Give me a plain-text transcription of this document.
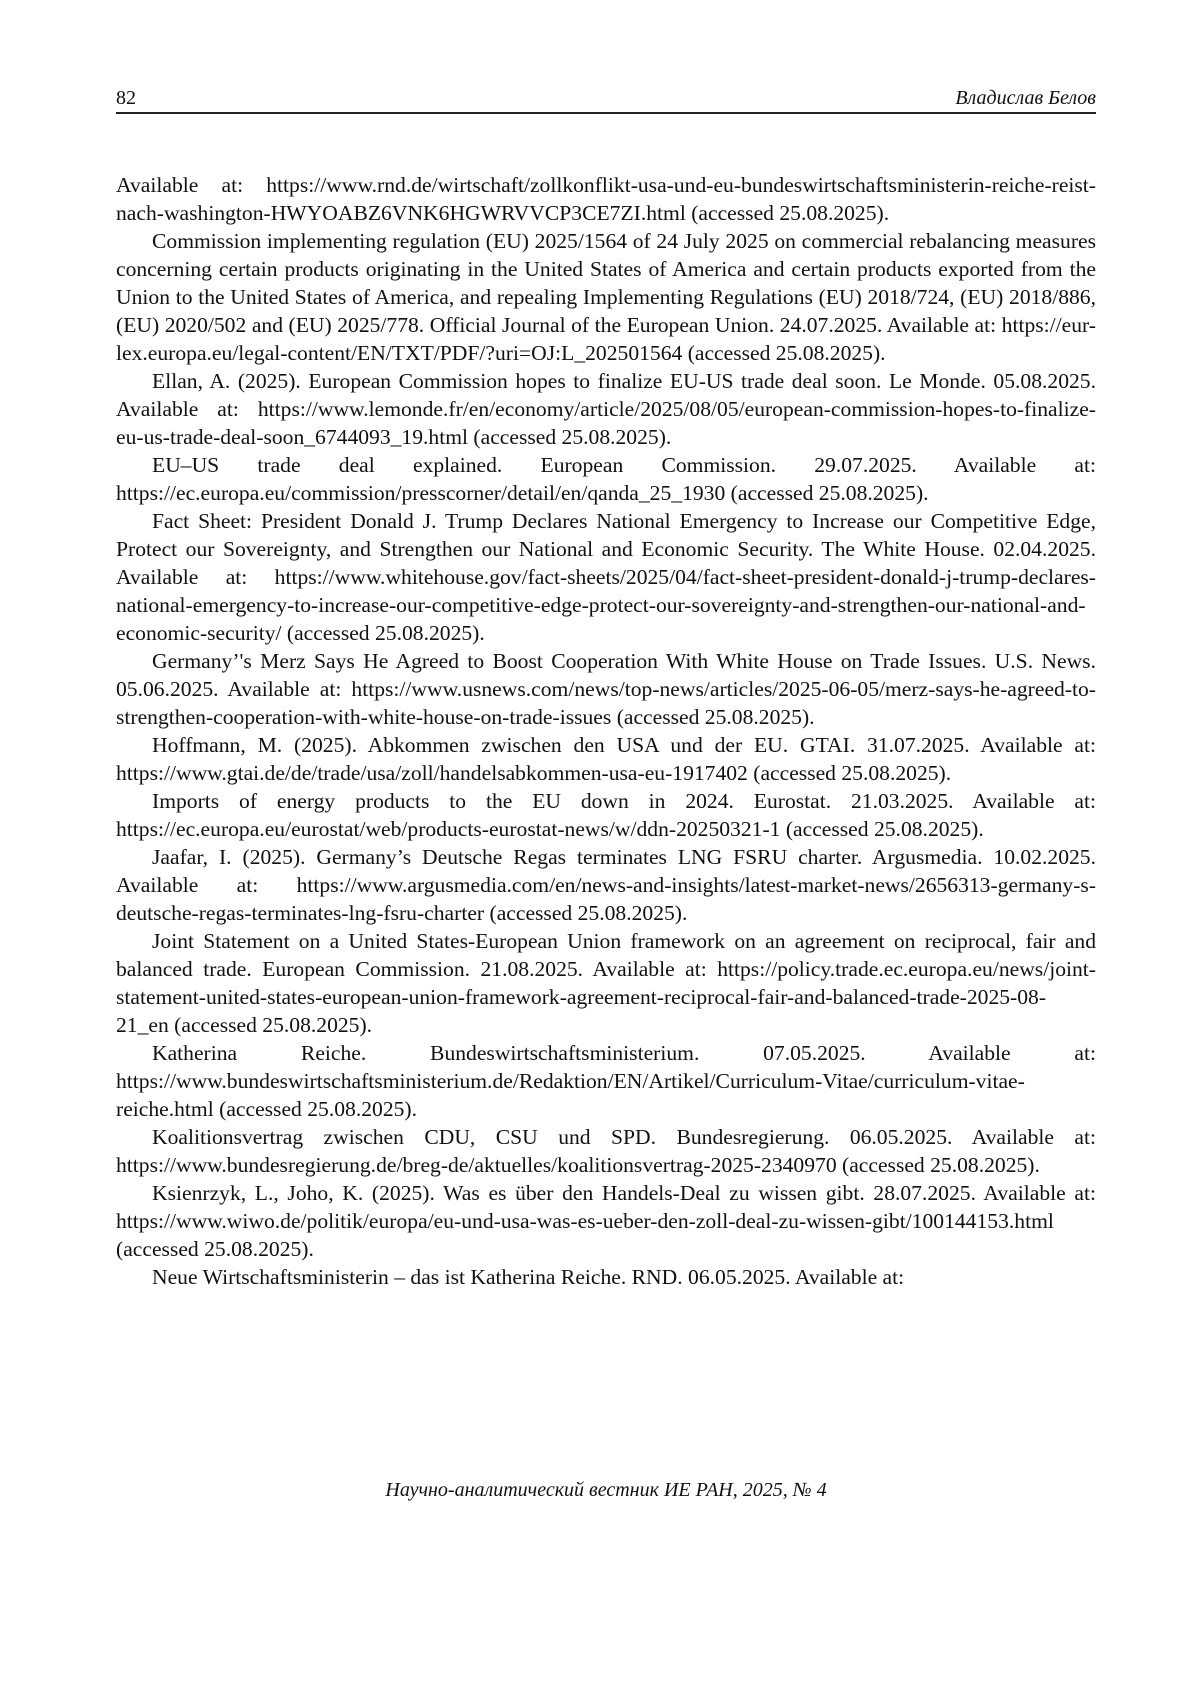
82	Владислав Белов

Available at: https://www.rnd.de/wirtschaft/zollkonflikt-usa-und-eu-bundeswirtschaftsministerin-reiche-reist-nach-washington-HWYOABZ6VNK6HGWRVVCP3CE7ZI.html (accessed 25.08.2025).

Commission implementing regulation (EU) 2025/1564 of 24 July 2025 on commercial rebalancing measures concerning certain products originating in the United States of America and certain products exported from the Union to the United States of America, and repealing Implementing Regulations (EU) 2018/724, (EU) 2018/886, (EU) 2020/502 and (EU) 2025/778. Official Journal of the European Union. 24.07.2025. Available at: https://eur-lex.europa.eu/legal-content/EN/TXT/PDF/?uri=OJ:L_202501564 (accessed 25.08.2025).

Ellan, A. (2025). European Commission hopes to finalize EU-US trade deal soon. Le Monde. 05.08.2025. Available at: https://www.lemonde.fr/en/economy/article/2025/08/05/european-commission-hopes-to-finalize-eu-us-trade-deal-soon_6744093_19.html (accessed 25.08.2025).

EU–US trade deal explained. European Commission. 29.07.2025. Available at: https://ec.europa.eu/commission/presscorner/detail/en/qanda_25_1930 (accessed 25.08.2025).

Fact Sheet: President Donald J. Trump Declares National Emergency to Increase our Competitive Edge, Protect our Sovereignty, and Strengthen our National and Economic Security. The White House. 02.04.2025. Available at: https://www.whitehouse.gov/fact-sheets/2025/04/fact-sheet-president-donald-j-trump-declares-national-emergency-to-increase-our-competitive-edge-protect-our-sovereignty-and-strengthen-our-national-and-economic-security/ (accessed 25.08.2025).

Germany’'s Merz Says He Agreed to Boost Cooperation With White House on Trade Issues. U.S. News. 05.06.2025. Available at: https://www.usnews.com/news/top-news/articles/2025-06-05/merz-says-he-agreed-to-strengthen-cooperation-with-white-house-on-trade-issues (accessed 25.08.2025).

Hoffmann, M. (2025). Abkommen zwischen den USA und der EU. GTAI. 31.07.2025. Available at: https://www.gtai.de/de/trade/usa/zoll/handelsabkommen-usa-eu-1917402 (accessed 25.08.2025).

Imports of energy products to the EU down in 2024. Eurostat. 21.03.2025. Available at: https://ec.europa.eu/eurostat/web/products-eurostat-news/w/ddn-20250321-1 (accessed 25.08.2025).

Jaafar, I. (2025). Germany’s Deutsche Regas terminates LNG FSRU charter. Argusmedia. 10.02.2025. Available at: https://www.argusmedia.com/en/news-and-insights/latest-market-news/2656313-germany-s-deutsche-regas-terminates-lng-fsru-charter (accessed 25.08.2025).

Joint Statement on a United States-European Union framework on an agreement on reciprocal, fair and balanced trade. European Commission. 21.08.2025. Available at: https://policy.trade.ec.europa.eu/news/joint-statement-united-states-european-union-framework-agreement-reciprocal-fair-and-balanced-trade-2025-08-21_en (accessed 25.08.2025).

Katherina Reiche. Bundeswirtschaftsministerium. 07.05.2025. Available at: https://www.bundeswirtschaftsministerium.de/Redaktion/EN/Artikel/Curriculum-Vitae/curriculum-vitae-reiche.html (accessed 25.08.2025).

Koalitionsvertrag zwischen CDU, CSU und SPD. Bundesregierung. 06.05.2025. Available at: https://www.bundesregierung.de/breg-de/aktuelles/koalitionsvertrag-2025-2340970 (accessed 25.08.2025).

Ksienrzyk, L., Joho, K. (2025). Was es über den Handels-Deal zu wissen gibt. 28.07.2025. Available at: https://www.wiwo.de/politik/europa/eu-und-usa-was-es-ueber-den-zoll-deal-zu-wissen-gibt/100144153.html (accessed 25.08.2025).

Neue Wirtschaftsministerin – das ist Katherina Reiche. RND. 06.05.2025. Available at:

Научно-аналитический вестник ИЕ РАН, 2025, № 4
